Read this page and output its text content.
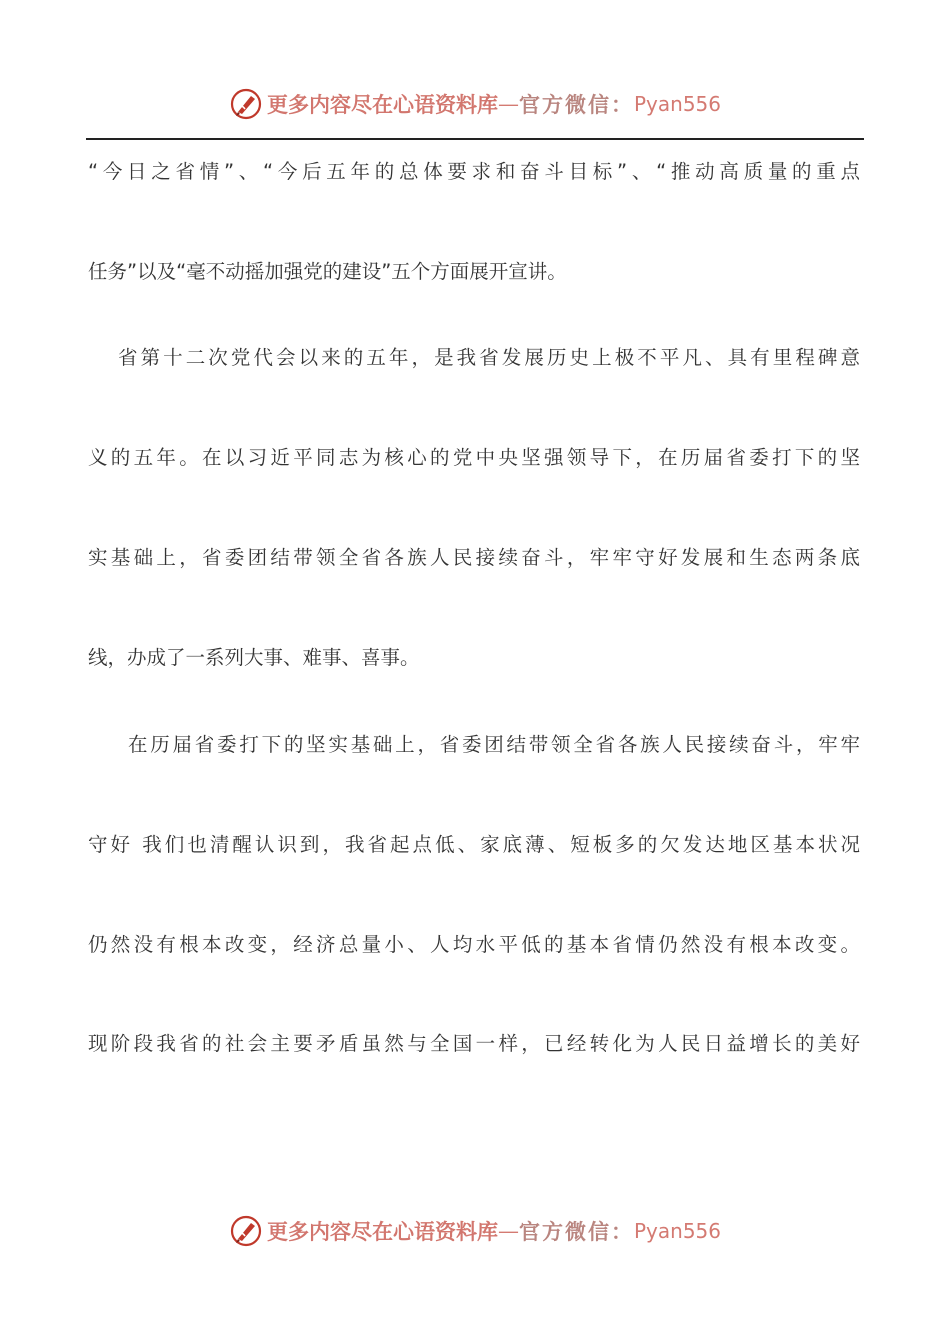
更多内容尽在心语资料库 — 官方微信： Pyan556
“今日之省情”、“今后五年的总体要求和奋斗目标”、“推动高质量的重点
任务”以及“毫不动摇加强党的建设”五个方面展开宣讲。
省第十二次党代会以来的五年，是我省发展历史上极不平凡、具有里程碑意
义的五年。在以习近平同志为核心的党中央坚强领导下，在历届省委打下的坚
实基础上，省委团结带领全省各族人民接续奋斗，牢牢守好发展和生态两条底
线，办成了一系列大事、难事、喜事。
在历届省委打下的坚实基础上，省委团结带领全省各族人民接续奋斗，牢牢
守好 我们也清醒认识到，我省起点低、家底薄、短板多的欠发达地区基本状况
仍然没有根本改变，经济总量小、人均水平低的基本省情仍然没有根本改变。
现阶段我省的社会主要矛盾虽然与全国一样，已经转化为人民日益增长的美好
更多内容尽在心语资料库 — 官方微信： Pyan556
